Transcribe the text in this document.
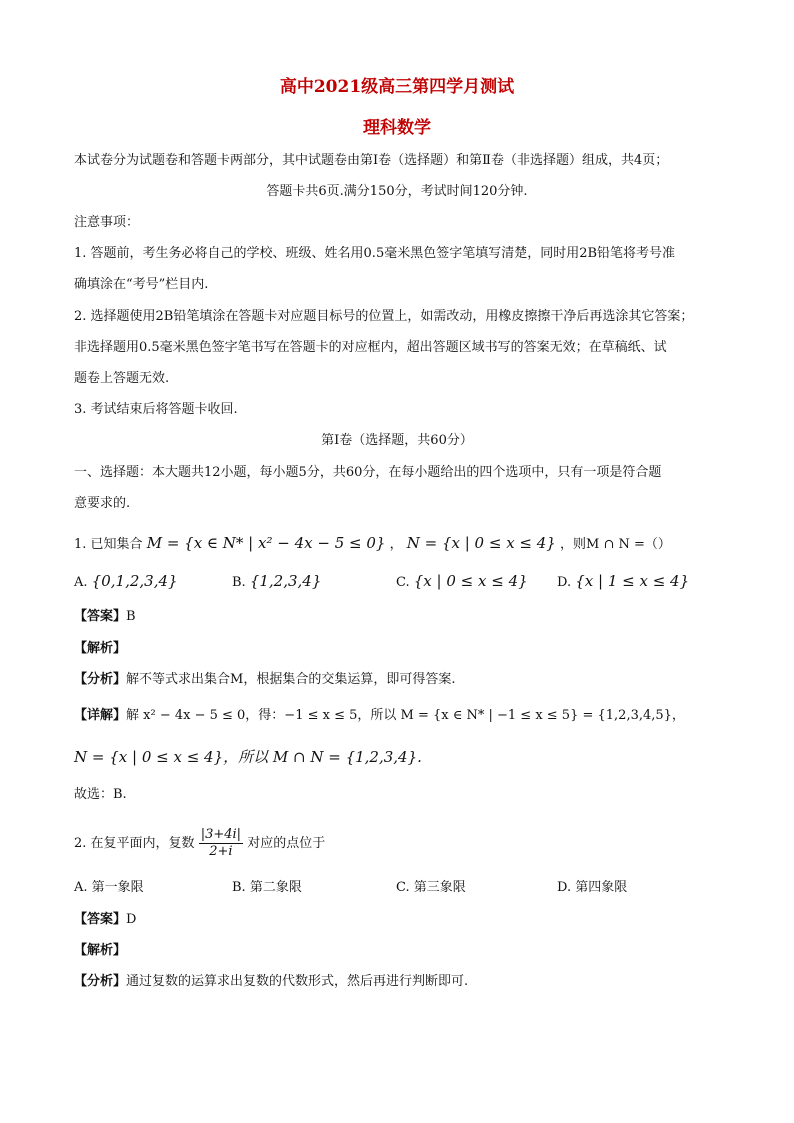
高中2021级高三第四学月测试
理科数学
本试卷分为试题卷和答题卡两部分，其中试题卷由第Ⅰ卷（选择题）和第Ⅱ卷（非选择题）组成，共4页；
答题卡共6页.满分150分，考试时间120分钟.
注意事项：
1. 答题前，考生务必将自己的学校、班级、姓名用0.5毫米黑色签字笔填写清楚，同时用2B铅笔将考号准
确填涂在“考号”栏目内.
2. 选择题使用2B铅笔填涂在答题卡对应题目标号的位置上，如需改动，用橡皮擦擦干净后再选涂其它答案；
非选择题用0.5毫米黑色签字笔书写在答题卡的对应框内，超出答题区域书写的答案无效；在草稿纸、试
题卷上答题无效.
3. 考试结束后将答题卡收回.
第Ⅰ卷（选择题，共60分）
一、选择题：本大题共12小题，每小题5分，共60分，在每小题给出的四个选项中，只有一项是符合题
意要求的.
1. 已知集合 M = {x ∈ N* | x² − 4x − 5 ≤ 0} ， N = {x | 0 ≤ x ≤ 4} ，则M ∩ N =（）
A. {0,1,2,3,4}	B. {1,2,3,4}	C. {x | 0 ≤ x ≤ 4} D. {x | 1 ≤ x ≤ 4}
【答案】B
【解析】
【分析】解不等式求出集合M，根据集合的交集运算，即可得答案.
【详解】解 x² − 4x − 5 ≤ 0，得：−1 ≤ x ≤ 5，所以 M = {x ∈ N* | −1 ≤ x ≤ 5} = {1,2,3,4,5}，
N = {x | 0 ≤ x ≤ 4}，所以 M ∩ N = {1,2,3,4}.
故选：B.
2. 在复平面内，复数 $\frac{|3+4i|}{2+i}$ 对应的点位于
A. 第一象限	B. 第二象限	C. 第三象限	D. 第四象限
【答案】D
【解析】
【分析】通过复数的运算求出复数的代数形式，然后再进行判断即可.
